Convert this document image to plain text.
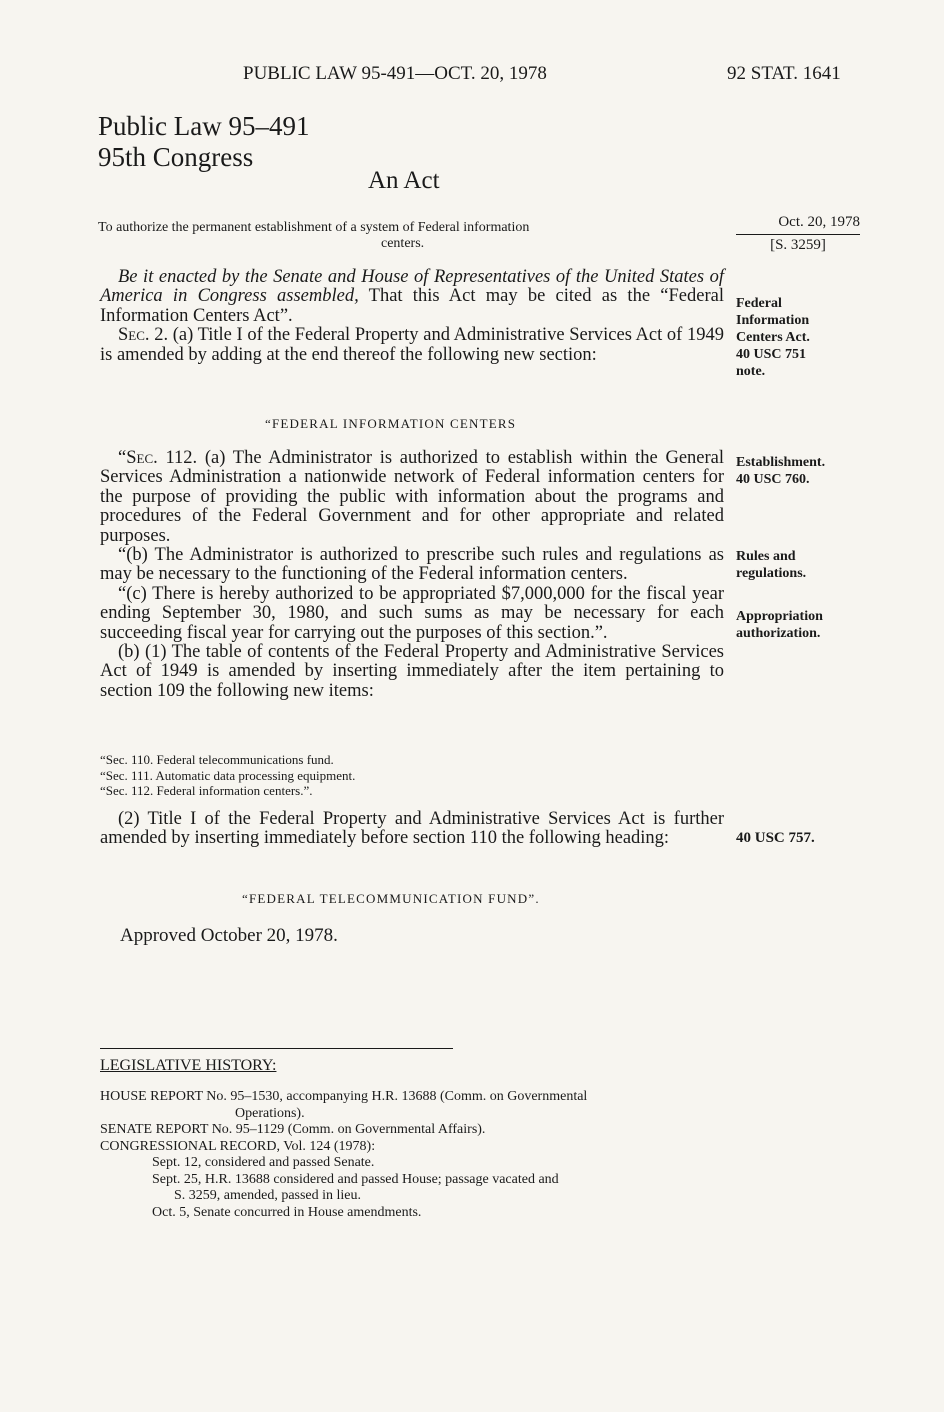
PUBLIC LAW 95-491—OCT. 20, 1978	92 STAT. 1641
Public Law 95–491
95th Congress
An Act
To authorize the permanent establishment of a system of Federal information
centers.
Oct. 20, 1978
[S. 3259]

Be it enacted by the Senate and House of Representatives of the United States of America in Congress assembled, That this Act may be cited as the “Federal Information Centers Act”.

Sec. 2. (a) Title I of the Federal Property and Administrative Services Act of 1949 is amended by adding at the end thereof the following new section:

Federal
Information
Centers Act.
40 USC 751
note.
“FEDERAL INFORMATION CENTERS

“Sec. 112. (a) The Administrator is authorized to establish within the General Services Administration a nationwide network of Federal information centers for the purpose of providing the public with information about the programs and procedures of the Federal Government and for other appropriate and related purposes.

“(b) The Administrator is authorized to prescribe such rules and regulations as may be necessary to the functioning of the Federal information centers.

“(c) There is hereby authorized to be appropriated $7,000,000 for the fiscal year ending September 30, 1980, and such sums as may be necessary for each succeeding fiscal year for carrying out the purposes of this section.”.

(b) (1) The table of contents of the Federal Property and Administrative Services Act of 1949 is amended by inserting immediately after the item pertaining to section 109 the following new items:

Establishment.
40 USC 760.
Rules and
regulations.
Appropriation
authorization.
“Sec. 110. Federal telecommunications fund.
“Sec. 111. Automatic data processing equipment.
“Sec. 112. Federal information centers.”.

(2) Title I of the Federal Property and Administrative Services Act is further amended by inserting immediately before section 110 the following heading:	40 USC 757.
“FEDERAL TELECOMMUNICATION FUND”.
Approved October 20, 1978.
LEGISLATIVE HISTORY:
HOUSE REPORT No. 95–1530, accompanying H.R. 13688 (Comm. on Governmental
Operations).
SENATE REPORT No. 95–1129 (Comm. on Governmental Affairs).
CONGRESSIONAL RECORD, Vol. 124 (1978):
Sept. 12, considered and passed Senate.
Sept. 25, H.R. 13688 considered and passed House; passage vacated and
S. 3259, amended, passed in lieu.
Oct. 5, Senate concurred in House amendments.
